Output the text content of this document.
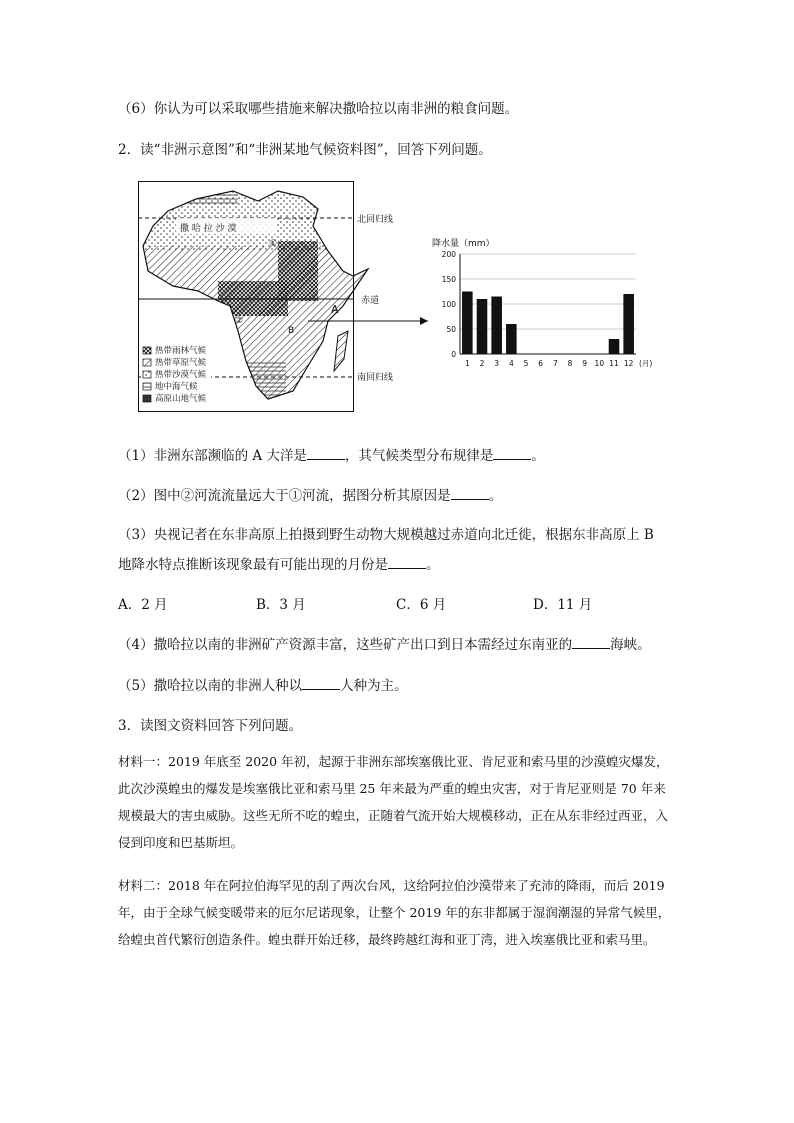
（6）你认为可以采取哪些措施来解决撒哈拉以南非洲的粮食问题。
2．读“非洲示意图”和“非洲某地气候资料图”，回答下列问题。
撒 哈 拉 沙 漠
①
②
B
A
北回归线
赤道
南回归线
热带雨林气候
热带草原气候
热带沙漠气候
地中海气候
高原山地气候
降水量（mm）
200
150
100
50
0
1 2 3 4 5 6 7 8 9 10 11 12 (月)
（1）非洲东部濒临的 A 大洋是	，其气候类型分布规律是	。
（2）图中②河流流量远大于①河流，据图分析其原因是	。
（3）央视记者在东非高原上拍摄到野生动物大规模越过赤道向北迁徙，根据东非高原上 B
地降水特点推断该现象最有可能出现的月份是	。
A．2 月	B．3 月	C．6 月	D．11 月
（4）撒哈拉以南的非洲矿产资源丰富，这些矿产出口到日本需经过东南亚的	海峡。
（5）撒哈拉以南的非洲人种以	人种为主。
3．读图文资料回答下列问题。
材料一：2019 年底至 2020 年初，起源于非洲东部埃塞俄比亚、肯尼亚和索马里的沙漠蝗灾爆发，此次沙漠蝗虫的爆发是埃塞俄比亚和索马里 25 年来最为严重的蝗虫灾害，对于肯尼亚则是 70 年来规模最大的害虫威胁。这些无所不吃的蝗虫，正随着气流开始大规模移动，正在从东非经过西亚，入侵到印度和巴基斯坦。
材料二：2018 年在阿拉伯海罕见的刮了两次台风，这给阿拉伯沙漠带来了充沛的降雨，而后 2019 年，由于全球气候变暖带来的厄尔尼诺现象，让整个 2019 年的东非都属于湿润潮湿的异常气候里，给蝗虫首代繁衍创造条件。蝗虫群开始迁移，最终跨越红海和亚丁湾，进入埃塞俄比亚和索马里。
